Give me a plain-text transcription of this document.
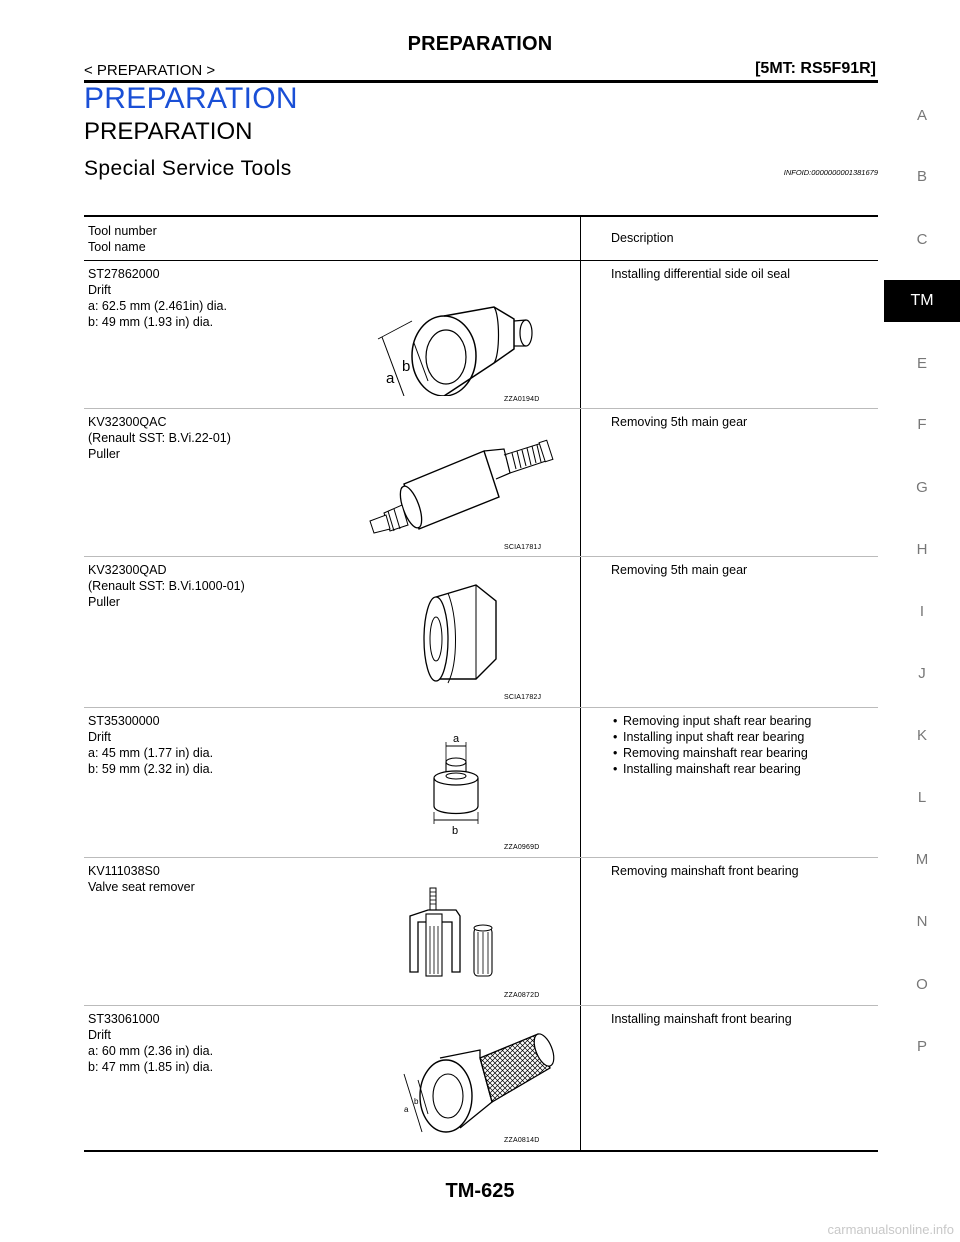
PREPARATION
< PREPARATION >	[5MT: RS5F91R]
PREPARATION
PREPARATION
Special Service Tools	INFOID:0000000001381679
A
B
C
TM
E
F
G
H
I
J
K
L
M
N
O
P
Tool number
Tool name
Description
ST27862000
Drift
a: 62.5 mm (2.461in) dia.
b: 49 mm (1.93 in) dia.
a
b
ZZA0194D
Installing differential side oil seal
KV32300QAC
(Renault SST: B.Vi.22-01)
Puller
SCIA1781J
Removing 5th main gear
KV32300QAD
(Renault SST: B.Vi.1000-01)
Puller
SCIA1782J
Removing 5th main gear
ST35300000
Drift
a: 45 mm (1.77 in) dia.
b: 59 mm (2.32 in) dia.
a
b
ZZA0969D
• Removing input shaft rear bearing
• Installing input shaft rear bearing
• Removing mainshaft rear bearing
• Installing mainshaft rear bearing
KV111038S0
Valve seat remover
ZZA0872D
Removing mainshaft front bearing
ST33061000
Drift
a: 60 mm (2.36 in) dia.
b: 47 mm (1.85 in) dia.
a
b
ZZA0814D
Installing mainshaft front bearing
TM-625
carmanualsonline.info
